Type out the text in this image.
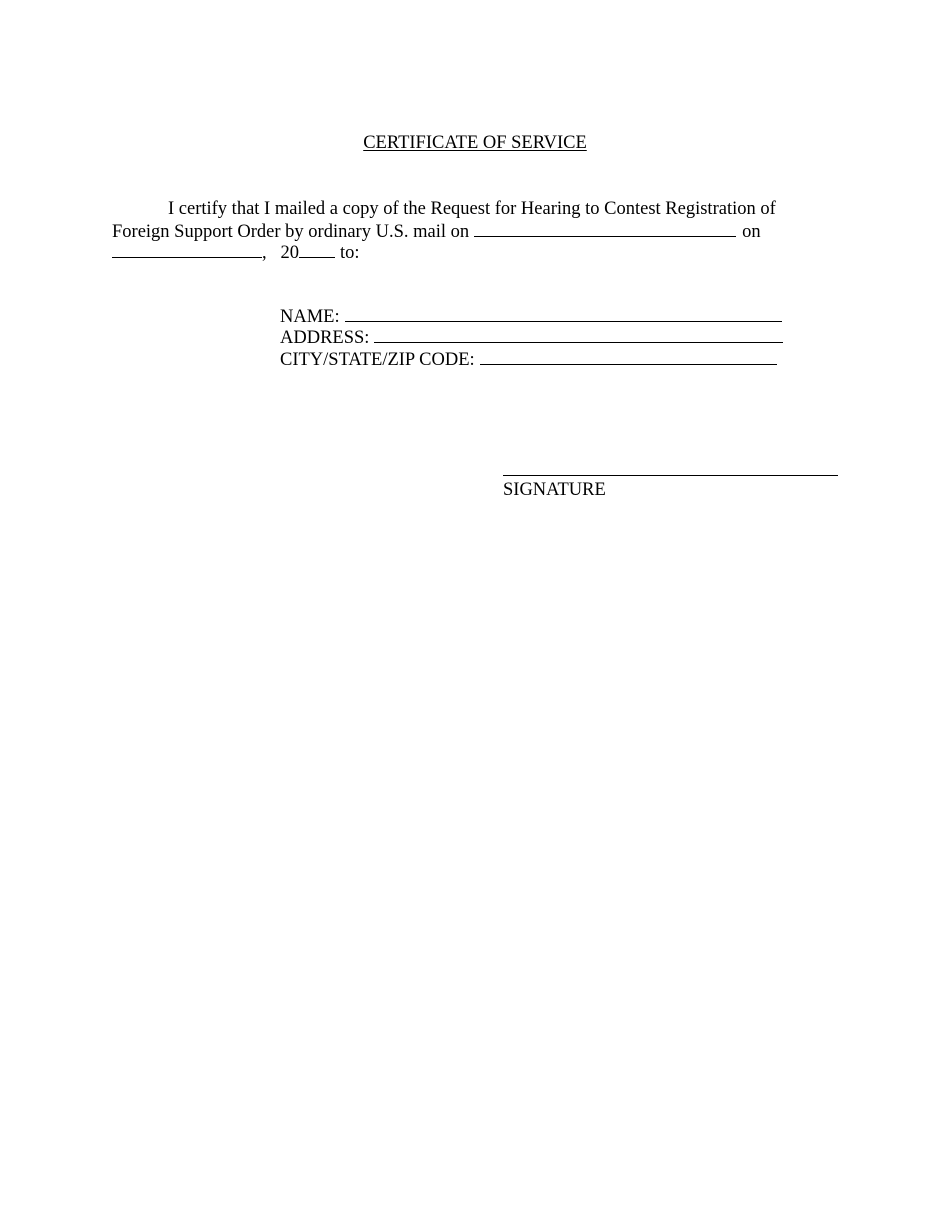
CERTIFICATE OF SERVICE
I certify that I mailed a copy of the Request for Hearing to Contest Registration of
Foreign Support Order by ordinary U.S. mail on	on
, 20 to:
NAME:
ADDRESS:
CITY/STATE/ZIP CODE:
SIGNATURE
